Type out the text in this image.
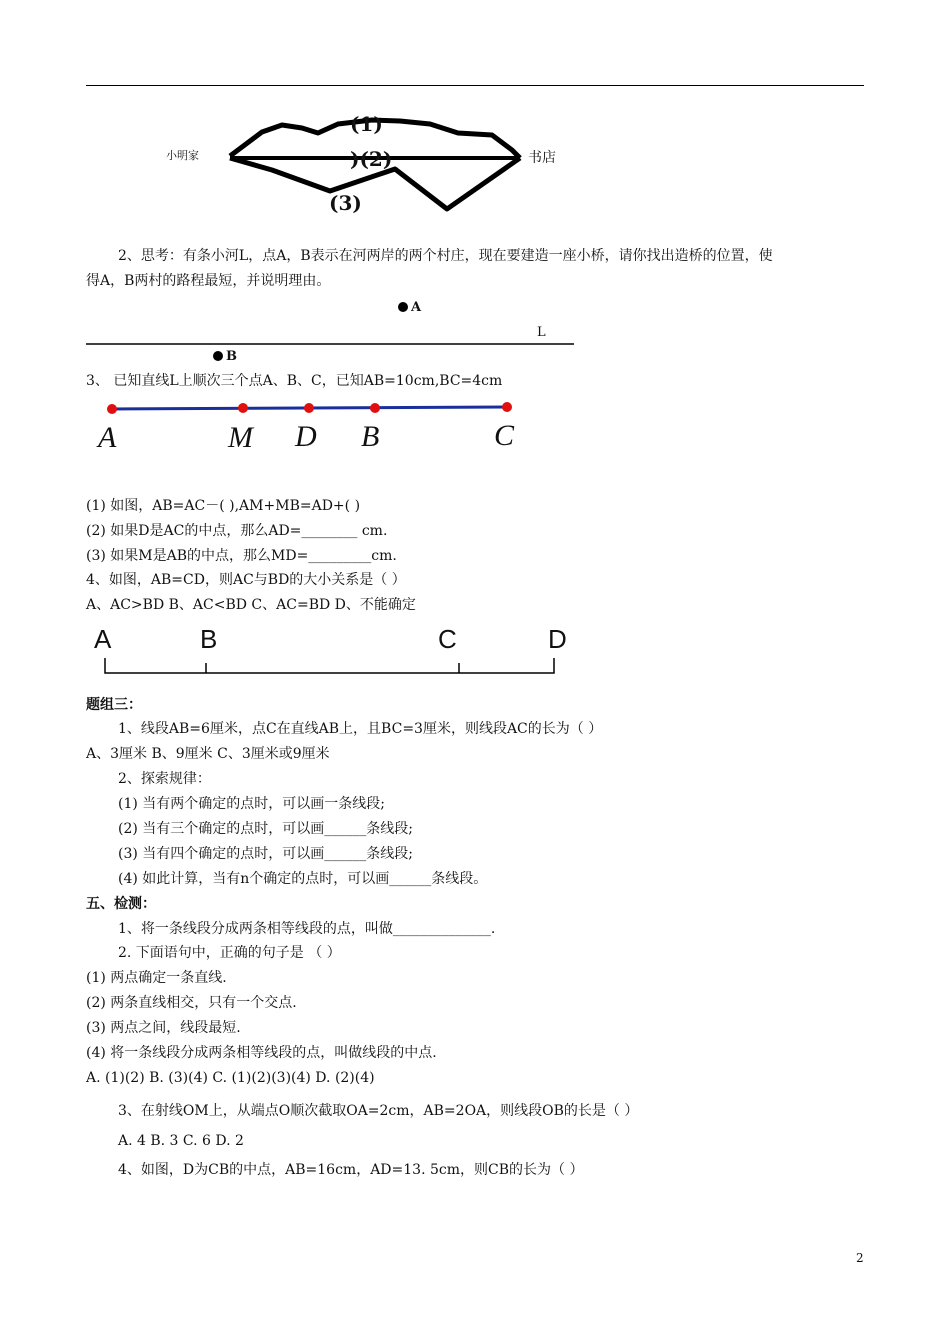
小明家	书店
(1)
)(2)
(3)
2、思考：有条小河L，点A，B表示在河两岸的两个村庄，现在要建造一座小桥，请你找出造桥的位置，使
得A，B两村的路程最短，并说明理由。
A
L
B
3、 已知直线L上顺次三个点A、B、C，已知AB=10cm,BC=4cm
A	M D B	C
(1) 如图，AB=AC－( ),AM+MB=AD+( )
(2) 如果D是AC的中点，那么AD=________ cm.
(3) 如果M是AB的中点，那么MD=_________cm.
4、如图，AB=CD，则AC与BD的大小关系是（ ）
A、AC>BD B、AC<BD C、AC=BD D、不能确定
A	B	C	D
题组三：
1、线段AB=6厘米，点C在直线AB上，且BC=3厘米，则线段AC的长为（ ）
A、3厘米 B、9厘米 C、3厘米或9厘米
2、探索规律：
(1) 当有两个确定的点时，可以画一条线段;
(2) 当有三个确定的点时，可以画______条线段;
(3) 当有四个确定的点时，可以画______条线段;
(4) 如此计算，当有n个确定的点时，可以画______条线段。
五、检测：
1、将一条线段分成两条相等线段的点，叫做______________.
2. 下面语句中，正确的句子是 （ ）
(1) 两点确定一条直线.
(2) 两条直线相交，只有一个交点.
(3) 两点之间，线段最短.
(4) 将一条线段分成两条相等线段的点，叫做线段的中点.
A. (1)(2) B. (3)(4) C. (1)(2)(3)(4) D. (2)(4)
3、在射线OM上，从端点O顺次截取OA=2cm，AB=2OA，则线段OB的长是（ ）
A. 4 B. 3 C. 6 D. 2
4、如图，D为CB的中点，AB=16cm，AD=13. 5cm，则CB的长为（ ）
2
